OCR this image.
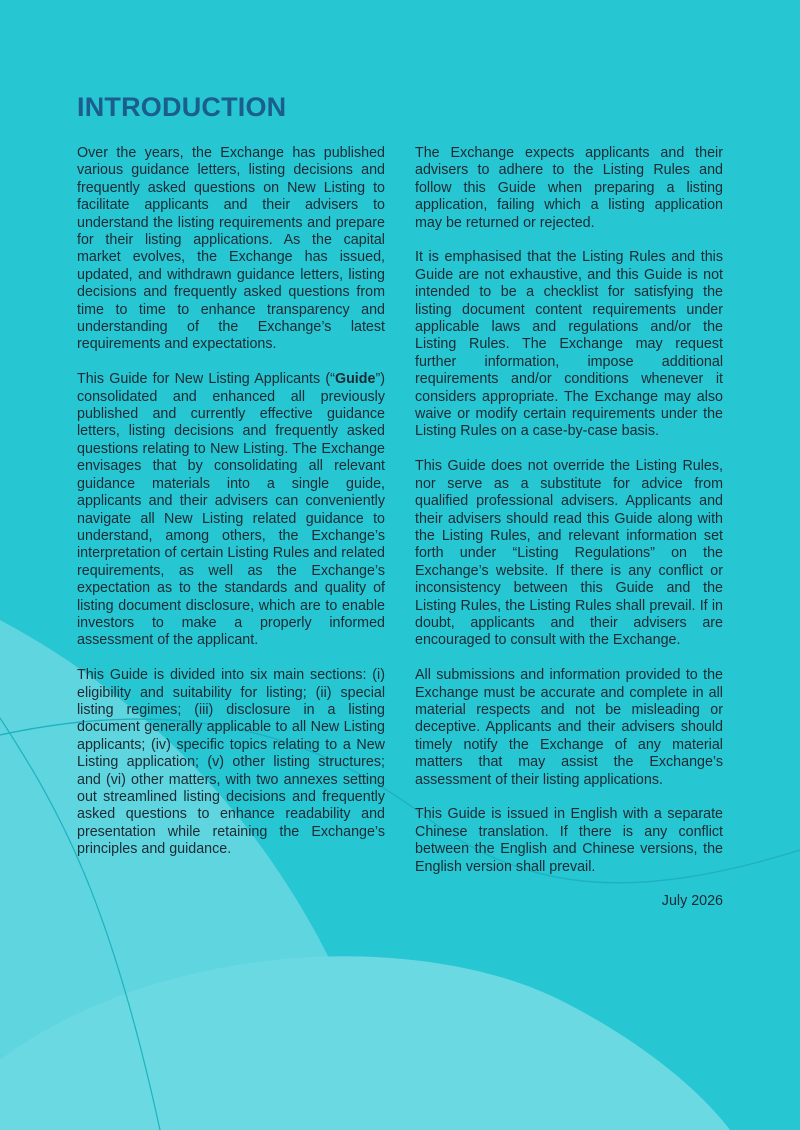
INTRODUCTION

Over the years, the Exchange has published various guidance letters, listing decisions and frequently asked questions on New Listing to facilitate applicants and their advisers to understand the listing requirements and prepare for their listing applications. As the capital market evolves, the Exchange has issued, updated, and withdrawn guidance letters, listing decisions and frequently asked questions from time to time to enhance transparency and understanding of the Exchange’s latest requirements and expectations.

This Guide for New Listing Applicants (“Guide”) consolidated and enhanced all previously published and currently effective guidance letters, listing decisions and frequently asked questions relating to New Listing. The Exchange envisages that by consolidating all relevant guidance materials into a single guide, applicants and their advisers can conveniently navigate all New Listing related guidance to understand, among others, the Exchange’s interpretation of certain Listing Rules and related requirements, as well as the Exchange’s expectation as to the standards and quality of listing document disclosure, which are to enable investors to make a properly informed assessment of the applicant.

This Guide is divided into six main sections: (i) eligibility and suitability for listing; (ii) special listing regimes; (iii) disclosure in a listing document generally applicable to all New Listing applicants; (iv) specific topics relating to a New Listing application; (v) other listing structures; and (vi) other matters, with two annexes setting out streamlined listing decisions and frequently asked questions to enhance readability and presentation while retaining the Exchange’s principles and guidance.

The Exchange expects applicants and their advisers to adhere to the Listing Rules and follow this Guide when preparing a listing application, failing which a listing application may be returned or rejected.

It is emphasised that the Listing Rules and this Guide are not exhaustive, and this Guide is not intended to be a checklist for satisfying the listing document content requirements under applicable laws and regulations and/or the Listing Rules. The Exchange may request further information, impose additional requirements and/or conditions whenever it considers appropriate. The Exchange may also waive or modify certain requirements under the Listing Rules on a case-by-case basis.

This Guide does not override the Listing Rules, nor serve as a substitute for advice from qualified professional advisers. Applicants and their advisers should read this Guide along with the Listing Rules, and relevant information set forth under “Listing Regulations” on the Exchange’s website. If there is any conflict or inconsistency between this Guide and the Listing Rules, the Listing Rules shall prevail. If in doubt, applicants and their advisers are encouraged to consult with the Exchange.

All submissions and information provided to the Exchange must be accurate and complete in all material respects and not be misleading or deceptive. Applicants and their advisers should timely notify the Exchange of any material matters that may assist the Exchange’s assessment of their listing applications.

This Guide is issued in English with a separate Chinese translation. If there is any conflict between the English and Chinese versions, the English version shall prevail.

July 2026
